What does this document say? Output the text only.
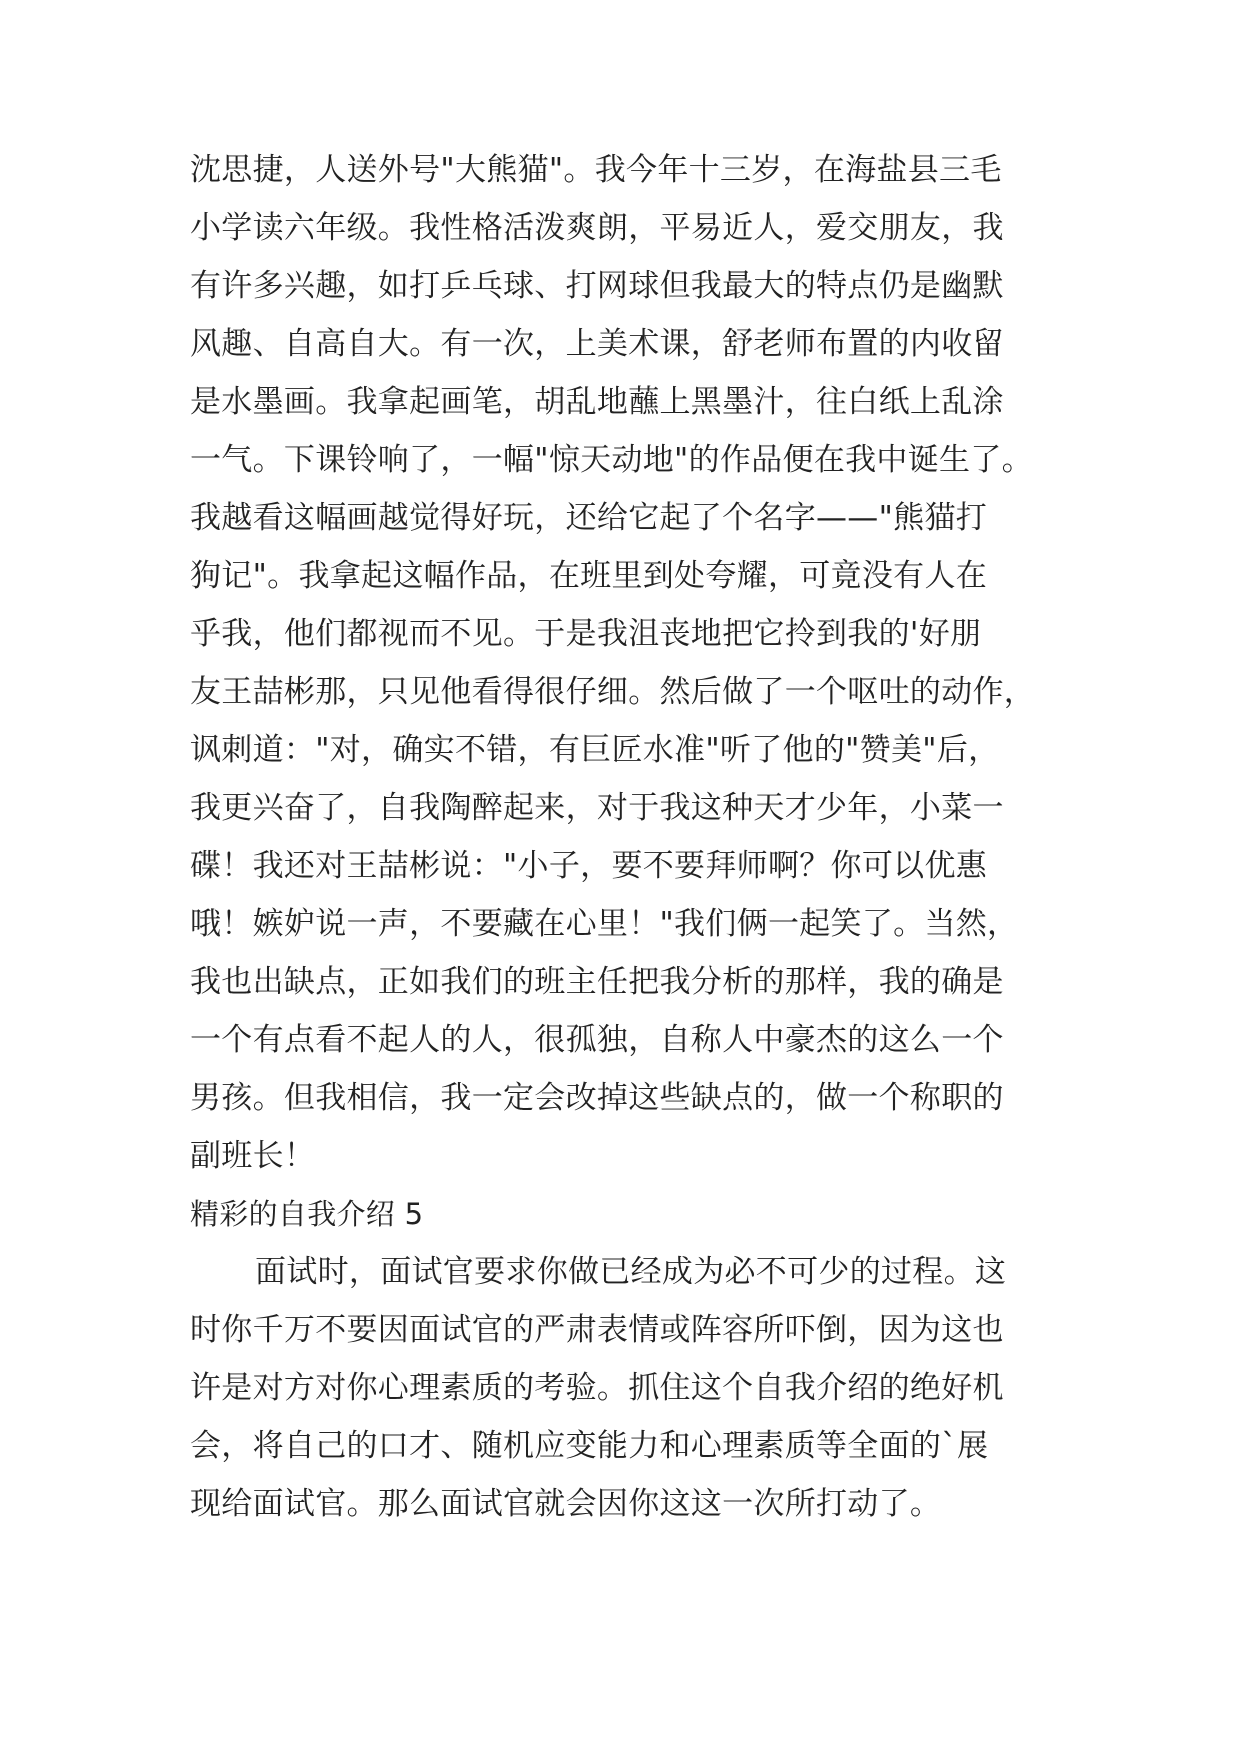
沈思捷，人送外号"大熊猫"。我今年十三岁，在海盐县三毛
小学读六年级。我性格活泼爽朗，平易近人，爱交朋友，我
有许多兴趣，如打乒乓球、打网球但我最大的特点仍是幽默
风趣、自高自大。有一次，上美术课，舒老师布置的内收留
是水墨画。我拿起画笔，胡乱地蘸上黑墨汁，往白纸上乱涂
一气。下课铃响了，一幅"惊天动地"的作品便在我中诞生了。
我越看这幅画越觉得好玩，还给它起了个名字——"熊猫打
狗记"。我拿起这幅作品，在班里到处夸耀，可竟没有人在
乎我，他们都视而不见。于是我沮丧地把它拎到我的'好朋
友王喆彬那，只见他看得很仔细。然后做了一个呕吐的动作，
讽刺道："对，确实不错，有巨匠水准"听了他的"赞美"后，
我更兴奋了，自我陶醉起来，对于我这种天才少年，小菜一
碟！我还对王喆彬说："小子，要不要拜师啊？你可以优惠
哦！嫉妒说一声，不要藏在心里！"我们俩一起笑了。当然，
我也出缺点，正如我们的班主任把我分析的那样，我的确是
一个有点看不起人的人，很孤独，自称人中豪杰的这么一个
男孩。但我相信，我一定会改掉这些缺点的，做一个称职的
副班长！
精彩的自我介绍 5
面试时，面试官要求你做已经成为必不可少的过程。这
时你千万不要因面试官的严肃表情或阵容所吓倒，因为这也
许是对方对你心理素质的考验。抓住这个自我介绍的绝好机
会，将自己的口才、随机应变能力和心理素质等全面的`展
现给面试官。那么面试官就会因你这这一次所打动了。
